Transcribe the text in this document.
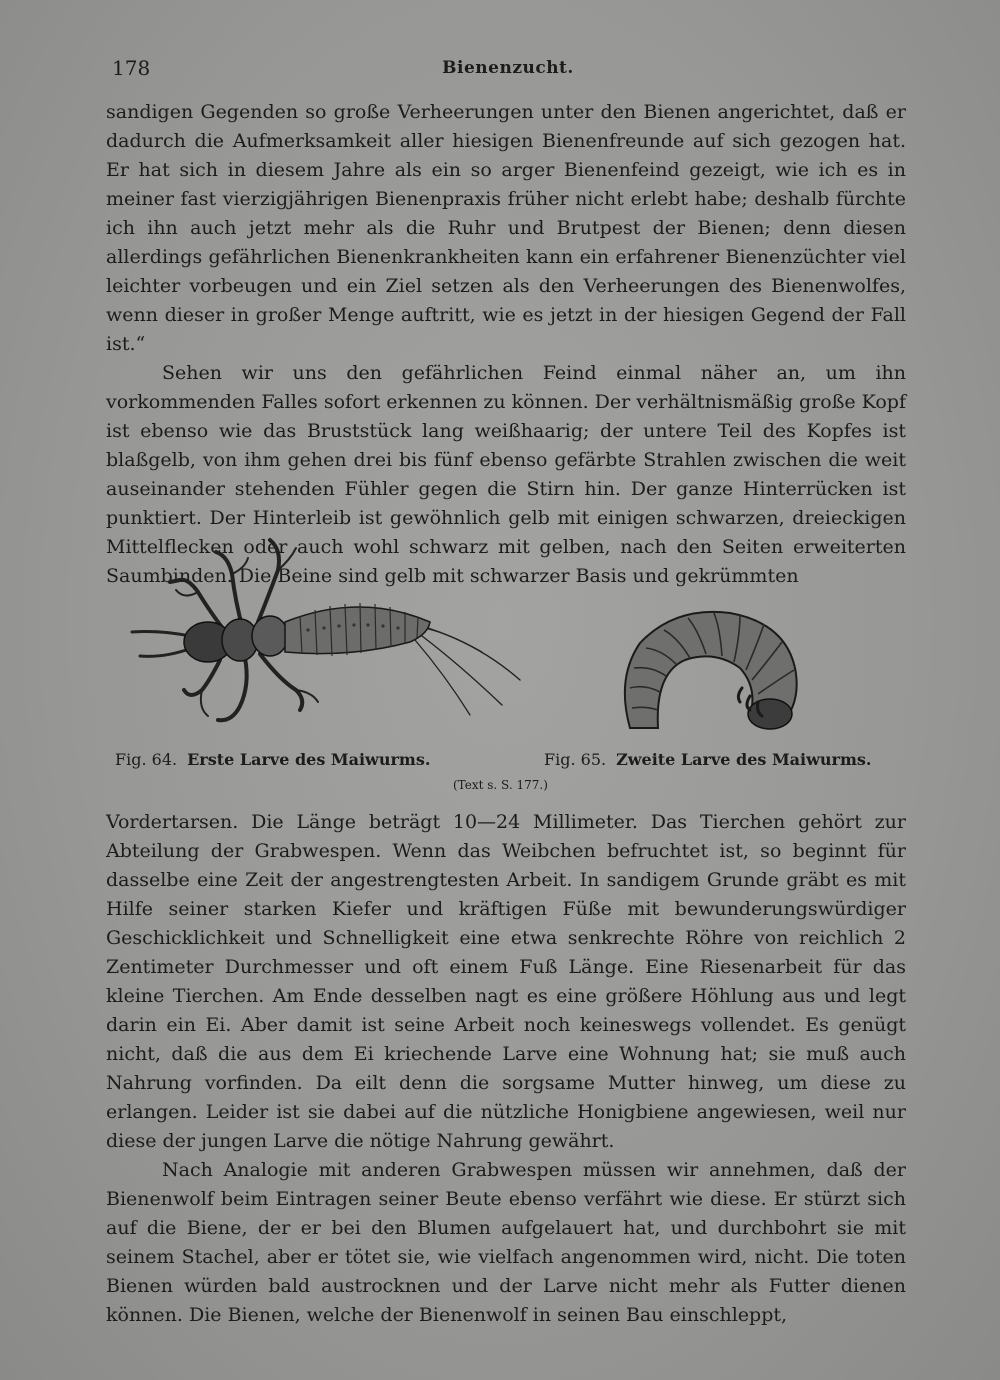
178	Bienenzucht.

sandigen Gegenden so große Verheerungen unter den Bienen angerichtet, daß er dadurch die Aufmerksamkeit aller hiesigen Bienenfreunde auf sich gezogen hat. Er hat sich in diesem Jahre als ein so arger Bienenfeind gezeigt, wie ich es in meiner fast vierzigjährigen Bienenpraxis früher nicht erlebt habe; deshalb fürchte ich ihn auch jetzt mehr als die Ruhr und Brutpest der Bienen; denn diesen allerdings gefährlichen Bienenkrankheiten kann ein erfahrener Bienenzüchter viel leichter vorbeugen und ein Ziel setzen als den Verheerungen des Bienenwolfes, wenn dieser in großer Menge auftritt, wie es jetzt in der hiesigen Gegend der Fall ist.“

Sehen wir uns den gefährlichen Feind einmal näher an, um ihn vorkommenden Falles sofort erkennen zu können. Der verhältnismäßig große Kopf ist ebenso wie das Bruststück lang weißhaarig; der untere Teil des Kopfes ist blaßgelb, von ihm gehen drei bis fünf ebenso gefärbte Strahlen zwischen die weit auseinander stehenden Fühler gegen die Stirn hin. Der ganze Hinterrücken ist punktiert. Der Hinterleib ist gewöhnlich gelb mit einigen schwarzen, dreieckigen Mittelflecken oder auch wohl schwarz mit gelben, nach den Seiten erweiterten Saumbinden. Die Beine sind gelb mit schwarzer Basis und gekrümmten

Fig. 64. Erste Larve des Maiwurms.	Fig. 65. Zweite Larve des Maiwurms.
(Text s. S. 177.)

Vordertarsen. Die Länge beträgt 10—24 Millimeter. Das Tierchen gehört zur Abteilung der Grabwespen. Wenn das Weibchen befruchtet ist, so beginnt für dasselbe eine Zeit der angestrengtesten Arbeit. In sandigem Grunde gräbt es mit Hilfe seiner starken Kiefer und kräftigen Füße mit bewunderungswürdiger Geschicklichkeit und Schnelligkeit eine etwa senkrechte Röhre von reichlich 2 Zentimeter Durchmesser und oft einem Fuß Länge. Eine Riesenarbeit für das kleine Tierchen. Am Ende desselben nagt es eine größere Höhlung aus und legt darin ein Ei. Aber damit ist seine Arbeit noch keineswegs vollendet. Es genügt nicht, daß die aus dem Ei kriechende Larve eine Wohnung hat; sie muß auch Nahrung vorfinden. Da eilt denn die sorgsame Mutter hinweg, um diese zu erlangen. Leider ist sie dabei auf die nützliche Honigbiene angewiesen, weil nur diese der jungen Larve die nötige Nahrung gewährt.

Nach Analogie mit anderen Grabwespen müssen wir annehmen, daß der Bienenwolf beim Eintragen seiner Beute ebenso verfährt wie diese. Er stürzt sich auf die Biene, der er bei den Blumen aufgelauert hat, und durchbohrt sie mit seinem Stachel, aber er tötet sie, wie vielfach angenommen wird, nicht. Die toten Bienen würden bald austrocknen und der Larve nicht mehr als Futter dienen können. Die Bienen, welche der Bienenwolf in seinen Bau einschleppt,
